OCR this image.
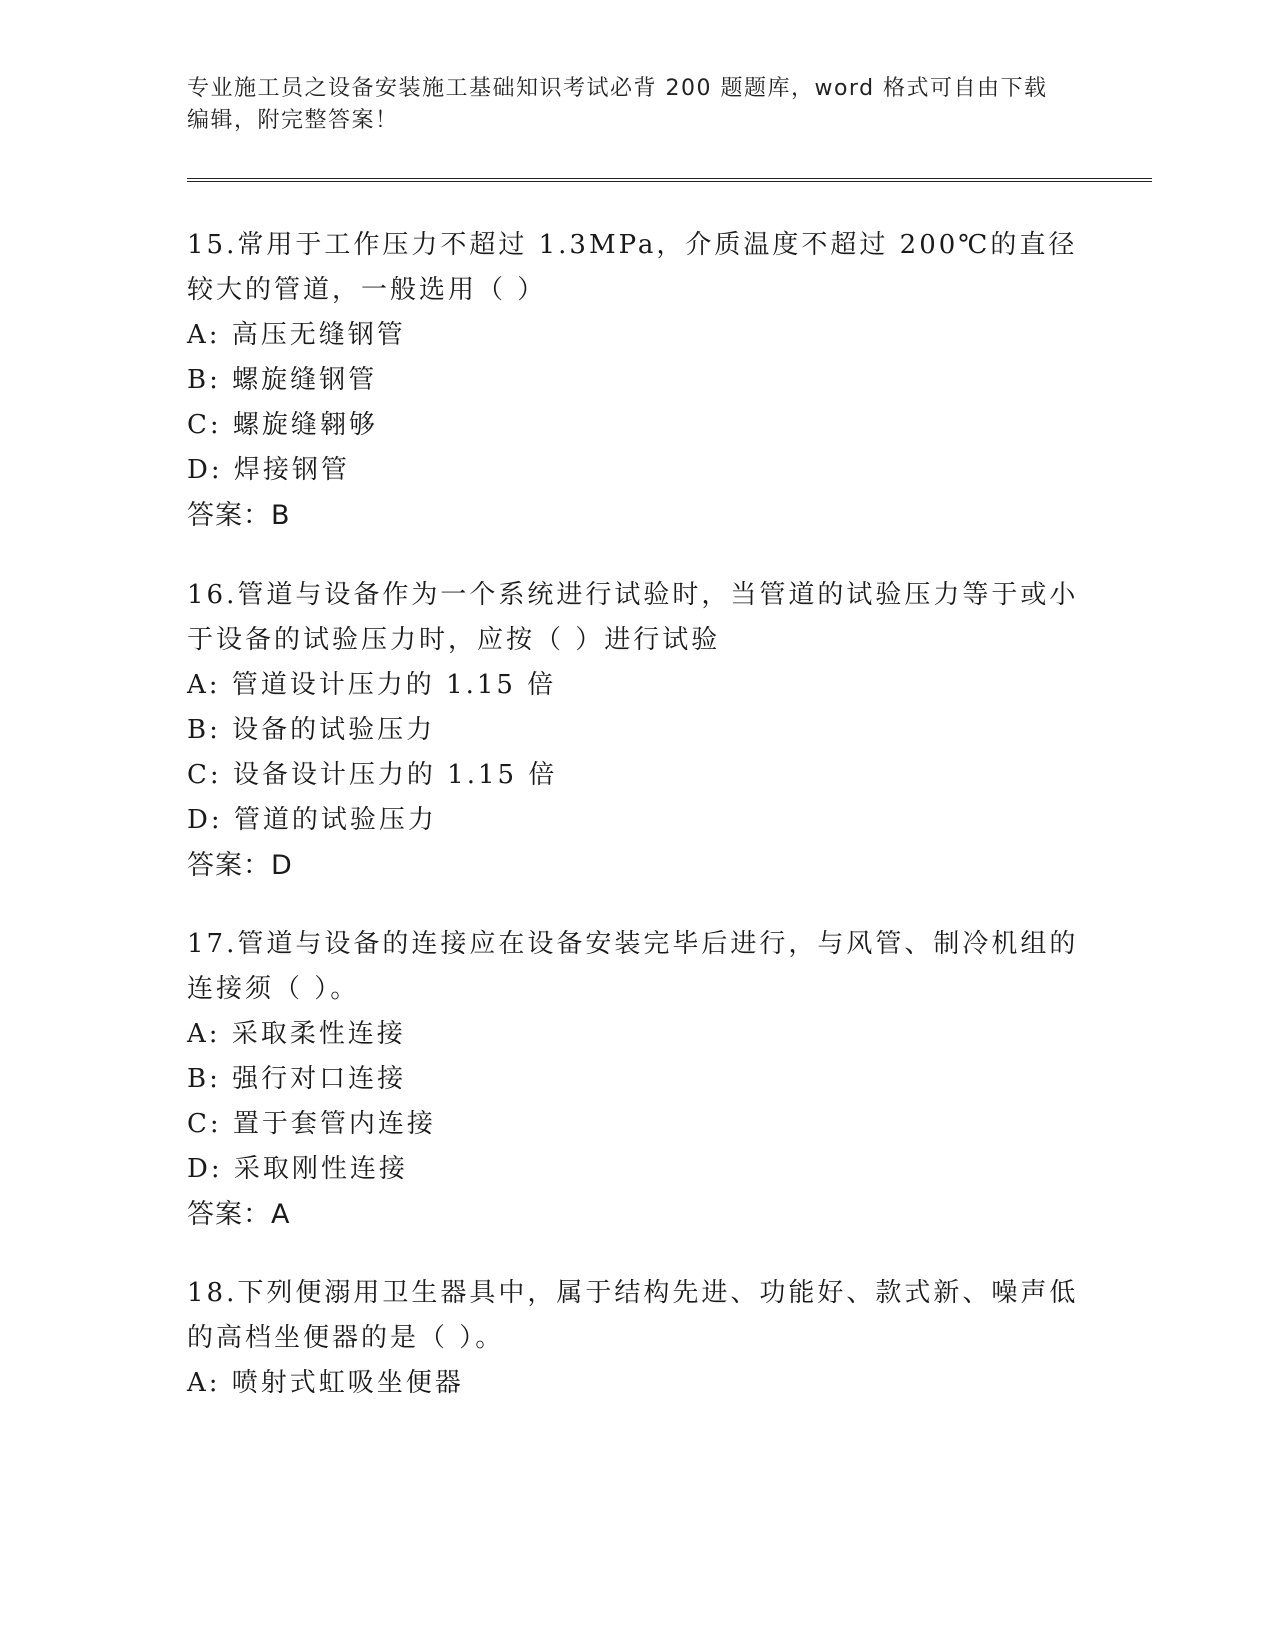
专业施工员之设备安装施工基础知识考试必背 200 题题库，word 格式可自由下载编辑，附完整答案！

15.常用于工作压力不超过 1.3MPa，介质温度不超过 200℃的直径较大的管道，一般选用（ ）

A: 高压无缝钢管

B: 螺旋缝钢管

C: 螺旋缝翱够

D: 焊接钢管

答案：B

16.管道与设备作为一个系统进行试验时，当管道的试验压力等于或小于设备的试验压力时，应按（ ）进行试验

A: 管道设计压力的 1.15 倍

B: 设备的试验压力

C: 设备设计压力的 1.15 倍

D: 管道的试验压力

答案：D

17.管道与设备的连接应在设备安装完毕后进行，与风管、制冷机组的连接须（ ）。

A: 采取柔性连接

B: 强行对口连接

C: 置于套管内连接

D: 采取刚性连接

答案：A

18.下列便溺用卫生器具中，属于结构先进、功能好、款式新、噪声低的高档坐便器的是（ ）。

A: 喷射式虹吸坐便器
